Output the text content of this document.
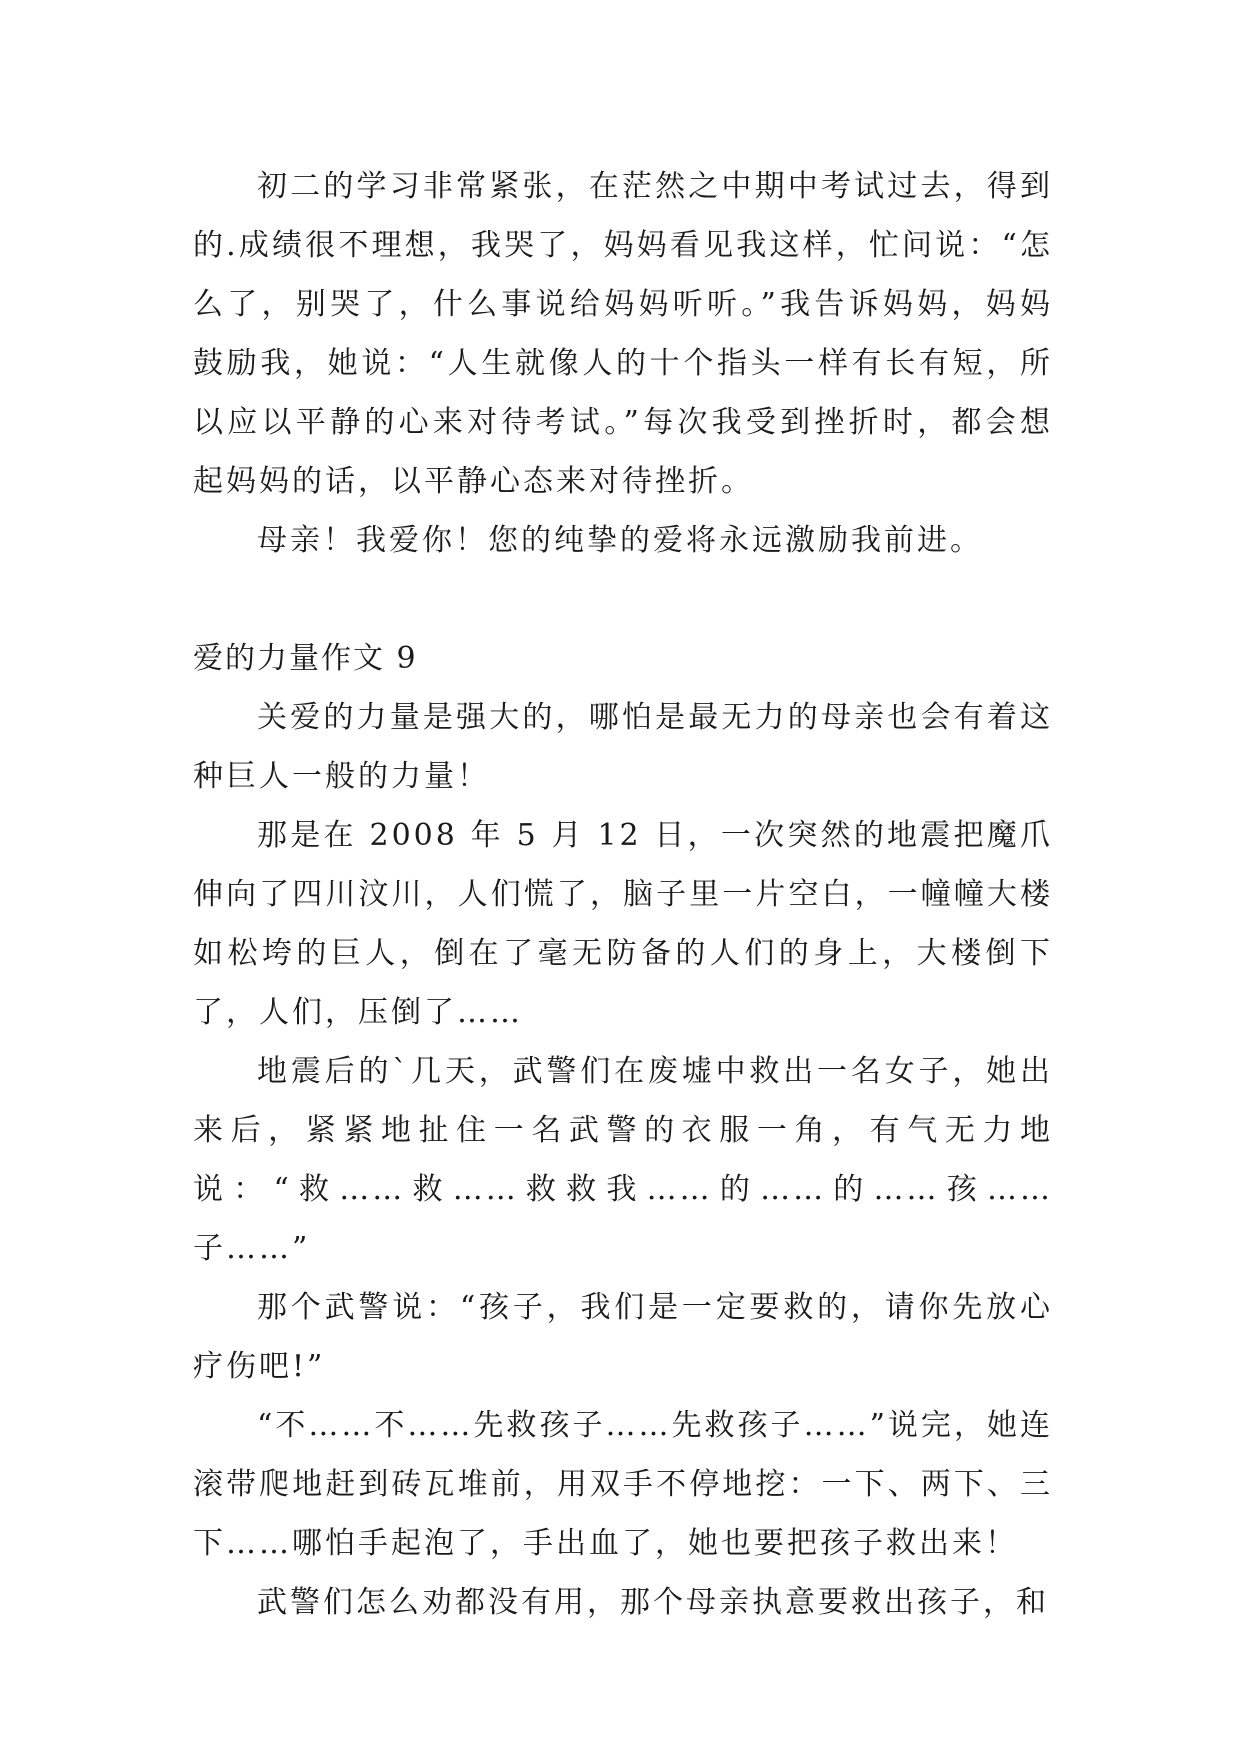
初二的学习非常紧张，在茫然之中期中考试过去，得到的.成绩很不理想，我哭了，妈妈看见我这样，忙问说：“怎么了，别哭了，什么事说给妈妈听听。”我告诉妈妈，妈妈鼓励我，她说：“人生就像人的十个指头一样有长有短，所以应以平静的心来对待考试。”每次我受到挫折时，都会想起妈妈的话，以平静心态来对待挫折。

母亲！我爱你！您的纯挚的爱将永远激励我前进。

爱的力量作文 9

关爱的力量是强大的，哪怕是最无力的母亲也会有着这种巨人一般的力量！

那是在 2008 年 5 月 12 日，一次突然的地震把魔爪伸向了四川汶川，人们慌了，脑子里一片空白，一幢幢大楼如松垮的巨人，倒在了毫无防备的人们的身上，大楼倒下了，人们，压倒了……

地震后的`几天，武警们在废墟中救出一名女子，她出来后，紧紧地扯住一名武警的衣服一角，有气无力地说：“救……救……救救我……的……的……孩……子……”

那个武警说：“孩子，我们是一定要救的，请你先放心疗伤吧!”

“不……不……先救孩子……先救孩子……”说完，她连滚带爬地赶到砖瓦堆前，用双手不停地挖：一下、两下、三下……哪怕手起泡了，手出血了，她也要把孩子救出来！

武警们怎么劝都没有用，那个母亲执意要救出孩子，和
